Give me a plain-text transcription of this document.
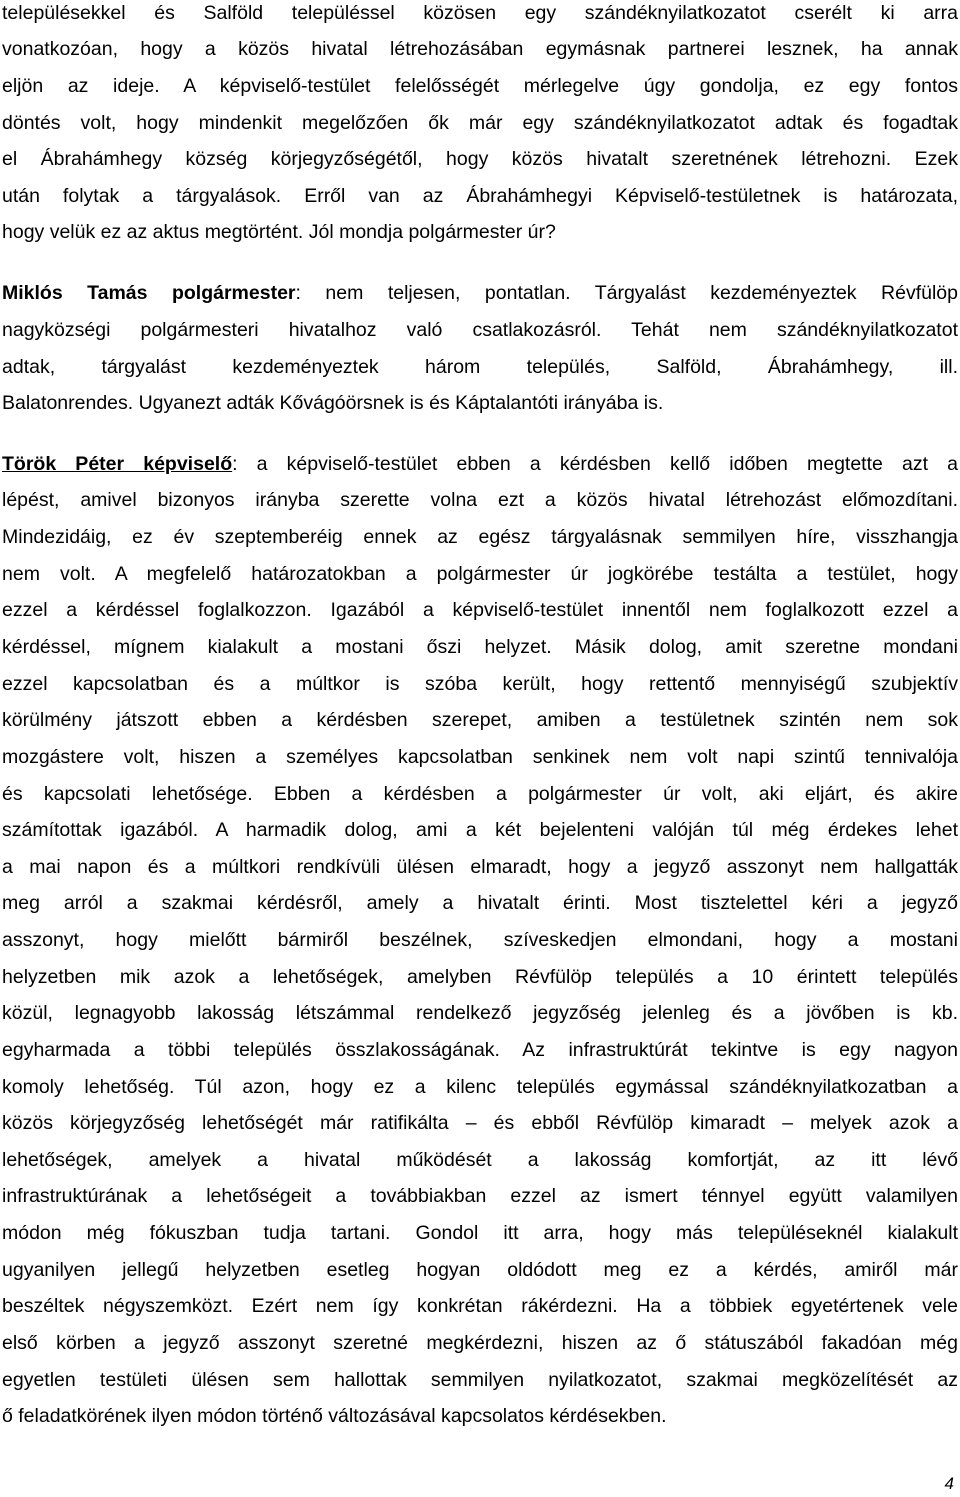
településekkel és Salföld településsel közösen egy szándéknyilatkozatot cserélt ki arra
vonatkozóan, hogy a közös hivatal létrehozásában egymásnak partnerei lesznek, ha annak
eljön az ideje. A képviselő-testület felelősségét mérlegelve úgy gondolja, ez egy fontos
döntés volt, hogy mindenkit megelőzően ők már egy szándéknyilatkozatot adtak és fogadtak
el Ábrahámhegy község körjegyzőségétől, hogy közös hivatalt szeretnének létrehozni. Ezek
után folytak a tárgyalások. Erről van az Ábrahámhegyi Képviselő-testületnek is határozata,
hogy velük ez az aktus megtörtént. Jól mondja polgármester úr?
Miklós Tamás polgármester: nem teljesen, pontatlan. Tárgyalást kezdeményeztek Révfülöp
nagyközségi polgármesteri hivatalhoz való csatlakozásról. Tehát nem szándéknyilatkozatot
adtak, tárgyalást kezdeményeztek három település, Salföld, Ábrahámhegy, ill.
Balatonrendes. Ugyanezt adták Kővágóörsnek is és Káptalantóti irányába is.
Török Péter képviselő: a képviselő-testület ebben a kérdésben kellő időben megtette azt a
lépést, amivel bizonyos irányba szerette volna ezt a közös hivatal létrehozást előmozdítani.
Mindezidáig, ez év szeptemberéig ennek az egész tárgyalásnak semmilyen híre, visszhangja
nem volt. A megfelelő határozatokban a polgármester úr jogkörébe testálta a testület, hogy
ezzel a kérdéssel foglalkozzon. Igazából a képviselő-testület innentől nem foglalkozott ezzel a
kérdéssel, mígnem kialakult a mostani őszi helyzet. Másik dolog, amit szeretne mondani
ezzel kapcsolatban és a múltkor is szóba került, hogy rettentő mennyiségű szubjektív
körülmény játszott ebben a kérdésben szerepet, amiben a testületnek szintén nem sok
mozgástere volt, hiszen a személyes kapcsolatban senkinek nem volt napi szintű tennivalója
és kapcsolati lehetősége. Ebben a kérdésben a polgármester úr volt, aki eljárt, és akire
számítottak igazából. A harmadik dolog, ami a két bejelenteni valóján túl még érdekes lehet
a mai napon és a múltkori rendkívüli ülésen elmaradt, hogy a jegyző asszonyt nem hallgatták
meg arról a szakmai kérdésről, amely a hivatalt érinti. Most tisztelettel kéri a jegyző
asszonyt, hogy mielőtt bármiről beszélnek, szíveskedjen elmondani, hogy a mostani
helyzetben mik azok a lehetőségek, amelyben Révfülöp település a 10 érintett település
közül, legnagyobb lakosság létszámmal rendelkező jegyzőség jelenleg és a jövőben is kb.
egyharmada a többi település összlakosságának. Az infrastruktúrát tekintve is egy nagyon
komoly lehetőség. Túl azon, hogy ez a kilenc település egymással szándéknyilatkozatban a
közös körjegyzőség lehetőségét már ratifikálta – és ebből Révfülöp kimaradt – melyek azok a
lehetőségek, amelyek a hivatal működését a lakosság komfortját, az itt lévő
infrastruktúrának a lehetőségeit a továbbiakban ezzel az ismert ténnyel együtt valamilyen
módon még fókuszban tudja tartani. Gondol itt arra, hogy más településeknél kialakult
ugyanilyen jellegű helyzetben esetleg hogyan oldódott meg ez a kérdés, amiről már
beszéltek négyszemközt. Ezért nem így konkrétan rákérdezni. Ha a többiek egyetértenek vele
első körben a jegyző asszonyt szeretné megkérdezni, hiszen az ő státuszából fakadóan még
egyetlen testületi ülésen sem hallottak semmilyen nyilatkozatot, szakmai megközelítését az
ő feladatkörének ilyen módon történő változásával kapcsolatos kérdésekben.
4
